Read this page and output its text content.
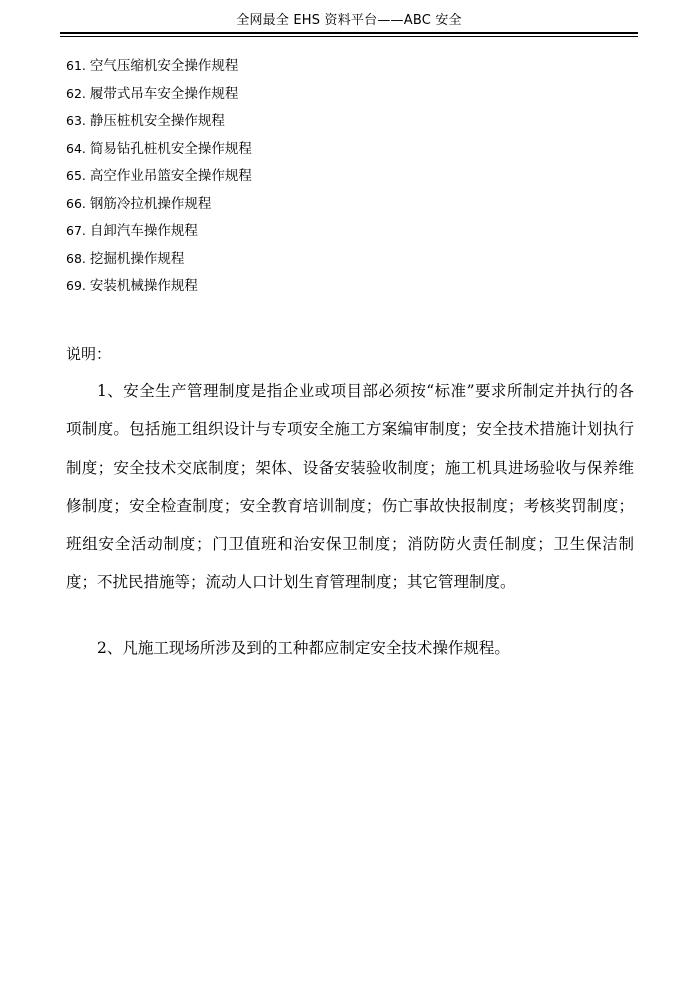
全网最全 EHS 资料平台——ABC 安全
61. 空气压缩机安全操作规程
62. 履带式吊车安全操作规程
63. 静压桩机安全操作规程
64. 简易钻孔桩机安全操作规程
65. 高空作业吊篮安全操作规程
66. 钢筋冷拉机操作规程
67. 自卸汽车操作规程
68. 挖掘机操作规程
69. 安装机械操作规程
说明：

1、安全生产管理制度是指企业或项目部必须按“标准”要求所制定并执行的各项制度。包括施工组织设计与专项安全施工方案编审制度；安全技术措施计划执行制度；安全技术交底制度；架体、设备安装验收制度；施工机具进场验收与保养维修制度；安全检查制度；安全教育培训制度；伤亡事故快报制度；考核奖罚制度；班组安全活动制度；门卫值班和治安保卫制度；消防防火责任制度；卫生保洁制度；不扰民措施等；流动人口计划生育管理制度；其它管理制度。

2、凡施工现场所涉及到的工种都应制定安全技术操作规程。
